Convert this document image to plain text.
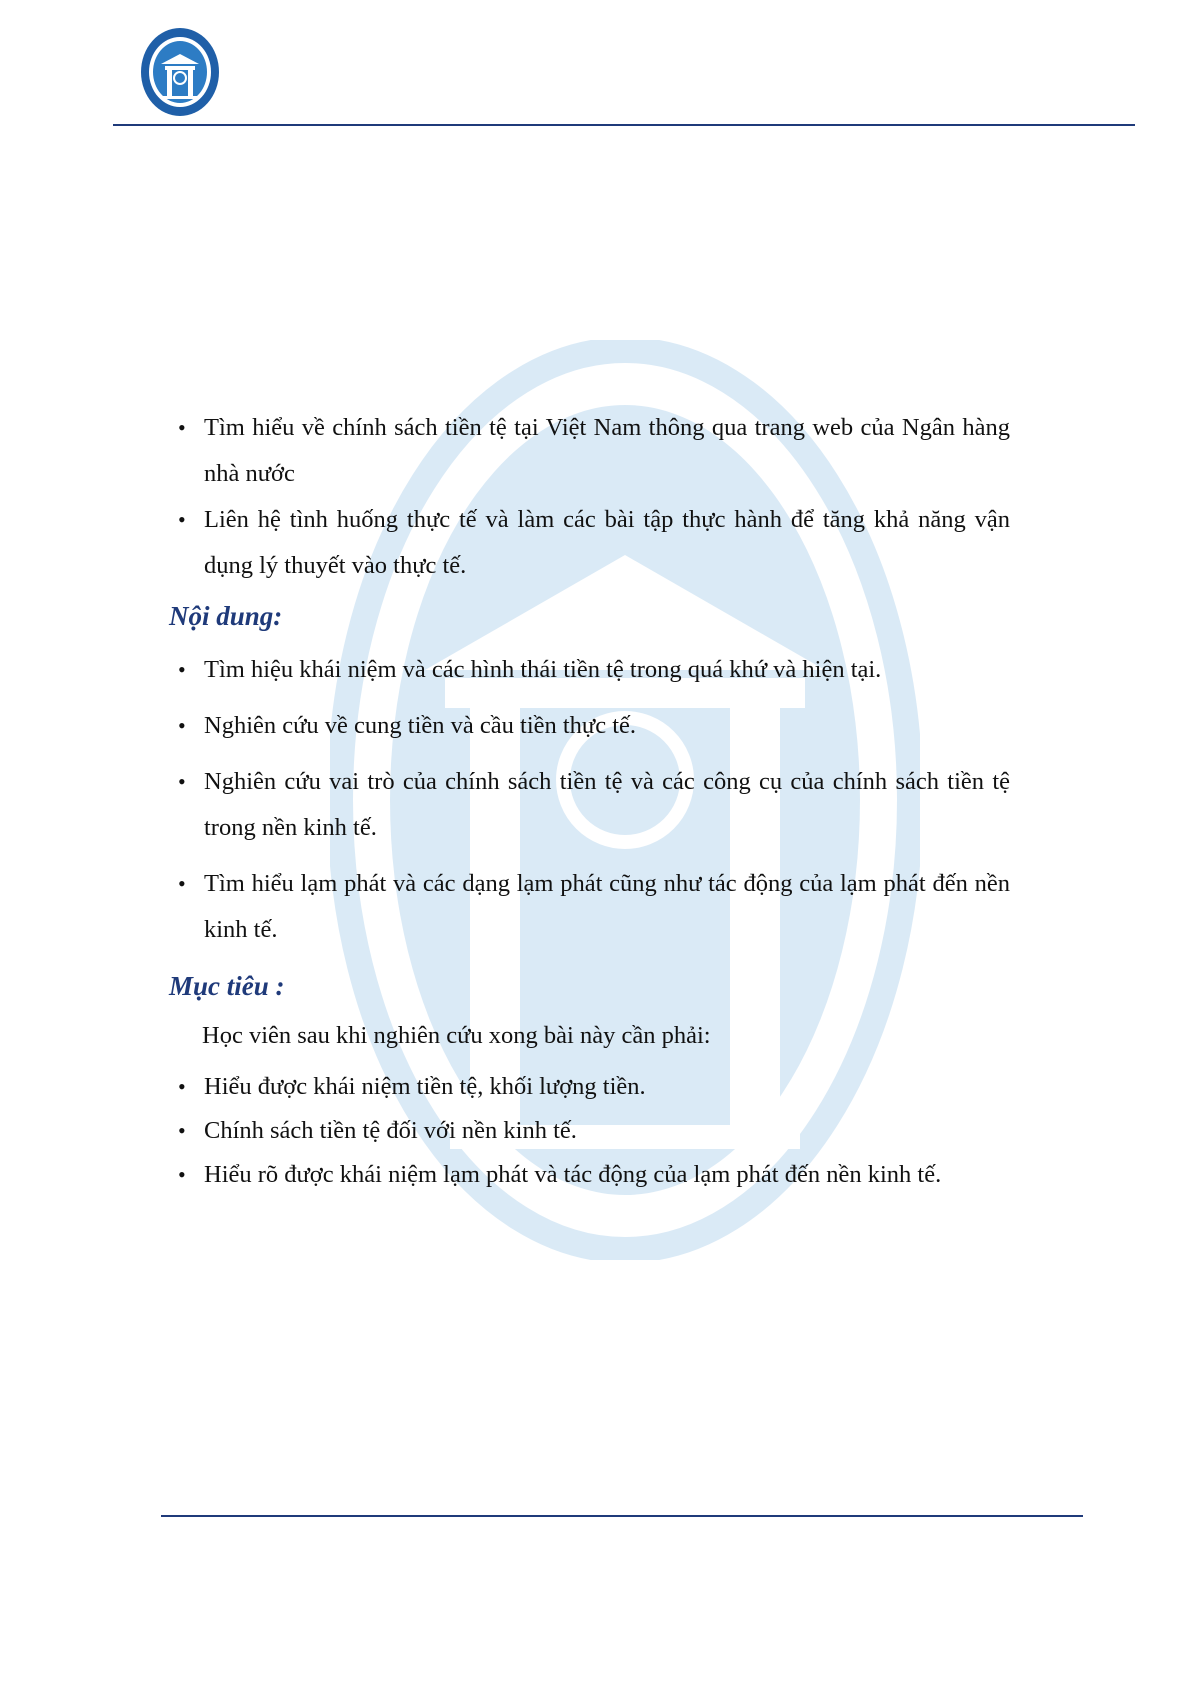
• Tìm hiểu về chính sách tiền tệ tại Việt Nam thông qua trang web của Ngân hàng nhà nước
• Liên hệ tình huống thực tế và làm các bài tập thực hành để tăng khả năng vận dụng lý thuyết vào thực tế.
Nội dung:
• Tìm hiệu khái niệm và các hình thái tiền tệ trong quá khứ và hiện tại.
• Nghiên cứu về cung tiền và cầu tiền thực tế.
• Nghiên cứu vai trò của chính sách tiền tệ và các công cụ của chính sách tiền tệ trong nền kinh tế.
• Tìm hiểu lạm phát và các dạng lạm phát cũng như tác động của lạm phát đến nền kinh tế.
Mục tiêu :
Học viên sau khi nghiên cứu xong bài này cần phải:
• Hiểu được khái niệm tiền tệ, khối lượng tiền.
• Chính sách tiền tệ đối với nền kinh tế.
• Hiểu rõ được khái niệm lạm phát và tác động của lạm phát đến nền kinh tế.
